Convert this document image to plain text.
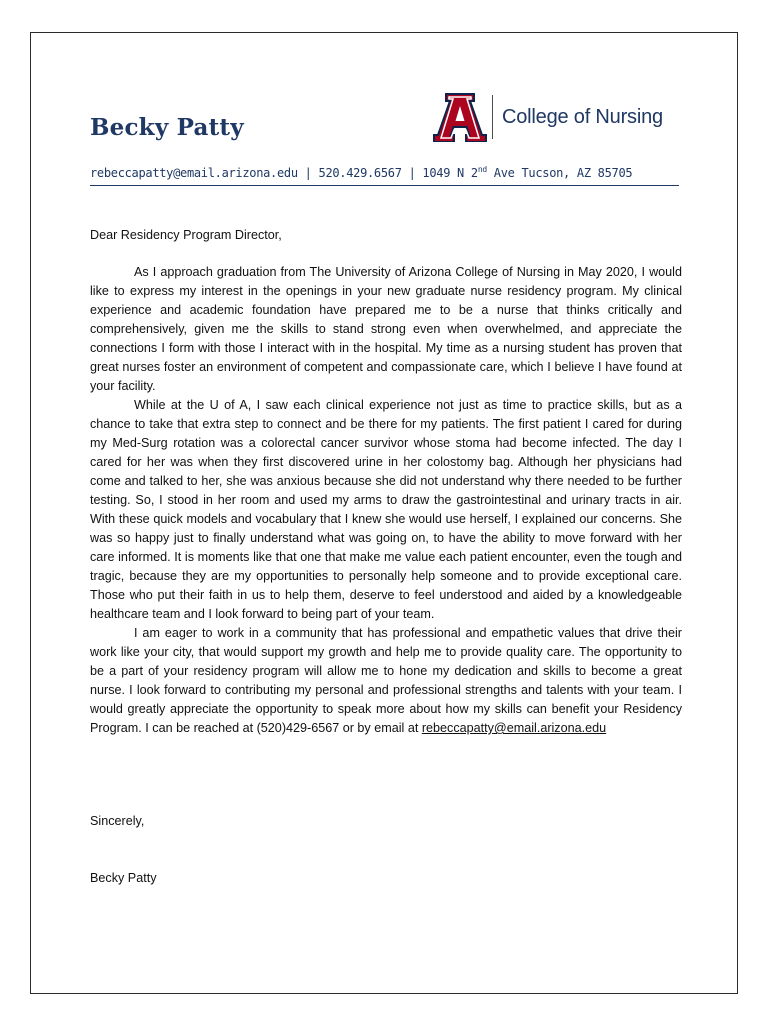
Becky Patty	College of Nursing
rebeccapatty@email.arizona.edu | 520.429.6567 | 1049 N 2nd Ave Tucson, AZ 85705
Dear Residency Program Director,

As I approach graduation from The University of Arizona College of Nursing in May 2020, I would like to express my interest in the openings in your new graduate nurse residency program. My clinical experience and academic foundation have prepared me to be a nurse that thinks critically and comprehensively, given me the skills to stand strong even when overwhelmed, and appreciate the connections I form with those I interact with in the hospital. My time as a nursing student has proven that great nurses foster an environment of competent and compassionate care, which I believe I have found at your facility.

While at the U of A, I saw each clinical experience not just as time to practice skills, but as a chance to take that extra step to connect and be there for my patients. The first patient I cared for during my Med-Surg rotation was a colorectal cancer survivor whose stoma had become infected. The day I cared for her was when they first discovered urine in her colostomy bag. Although her physicians had come and talked to her, she was anxious because she did not understand why there needed to be further testing. So, I stood in her room and used my arms to draw the gastrointestinal and urinary tracts in air. With these quick models and vocabulary that I knew she would use herself, I explained our concerns. She was so happy just to finally understand what was going on, to have the ability to move forward with her care informed. It is moments like that one that make me value each patient encounter, even the tough and tragic, because they are my opportunities to personally help someone and to provide exceptional care. Those who put their faith in us to help them, deserve to feel understood and aided by a knowledgeable healthcare team and I look forward to being part of your team.

I am eager to work in a community that has professional and empathetic values that drive their work like your city, that would support my growth and help me to provide quality care. The opportunity to be a part of your residency program will allow me to hone my dedication and skills to become a great nurse. I look forward to contributing my personal and professional strengths and talents with your team. I would greatly appreciate the opportunity to speak more about how my skills can benefit your Residency Program. I can be reached at (520)429-6567 or by email at rebeccapatty@email.arizona.edu

Sincerely,
Becky Patty
